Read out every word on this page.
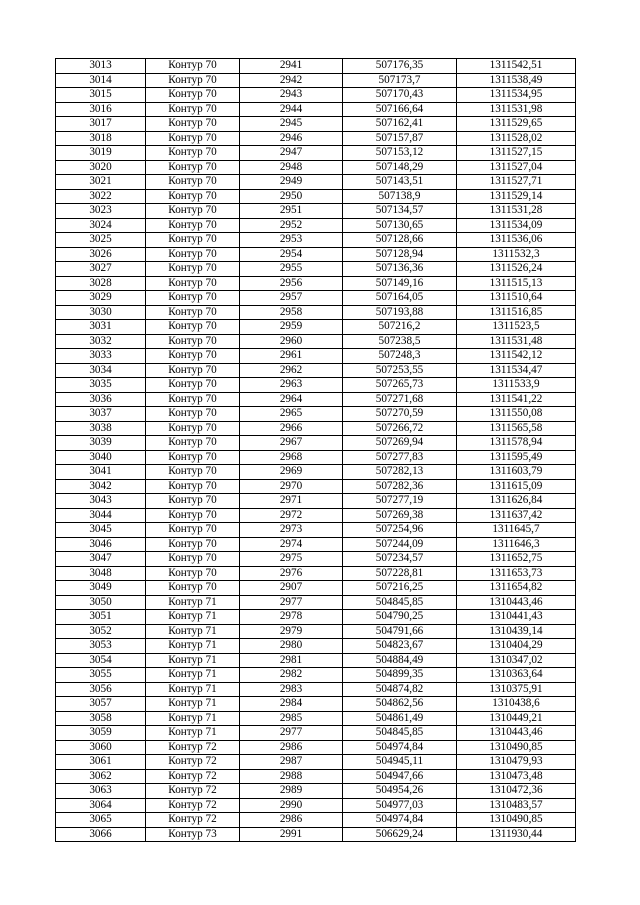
3013	Контур 70	2941	507176,35	1311542,51
3014	Контур 70	2942	507173,7	1311538,49
3015	Контур 70	2943	507170,43	1311534,95
3016	Контур 70	2944	507166,64	1311531,98
3017	Контур 70	2945	507162,41	1311529,65
3018	Контур 70	2946	507157,87	1311528,02
3019	Контур 70	2947	507153,12	1311527,15
3020	Контур 70	2948	507148,29	1311527,04
3021	Контур 70	2949	507143,51	1311527,71
3022	Контур 70	2950	507138,9	1311529,14
3023	Контур 70	2951	507134,57	1311531,28
3024	Контур 70	2952	507130,65	1311534,09
3025	Контур 70	2953	507128,66	1311536,06
3026	Контур 70	2954	507128,94	1311532,3
3027	Контур 70	2955	507136,36	1311526,24
3028	Контур 70	2956	507149,16	1311515,13
3029	Контур 70	2957	507164,05	1311510,64
3030	Контур 70	2958	507193,88	1311516,85
3031	Контур 70	2959	507216,2	1311523,5
3032	Контур 70	2960	507238,5	1311531,48
3033	Контур 70	2961	507248,3	1311542,12
3034	Контур 70	2962	507253,55	1311534,47
3035	Контур 70	2963	507265,73	1311533,9
3036	Контур 70	2964	507271,68	1311541,22
3037	Контур 70	2965	507270,59	1311550,08
3038	Контур 70	2966	507266,72	1311565,58
3039	Контур 70	2967	507269,94	1311578,94
3040	Контур 70	2968	507277,83	1311595,49
3041	Контур 70	2969	507282,13	1311603,79
3042	Контур 70	2970	507282,36	1311615,09
3043	Контур 70	2971	507277,19	1311626,84
3044	Контур 70	2972	507269,38	1311637,42
3045	Контур 70	2973	507254,96	1311645,7
3046	Контур 70	2974	507244,09	1311646,3
3047	Контур 70	2975	507234,57	1311652,75
3048	Контур 70	2976	507228,81	1311653,73
3049	Контур 70	2907	507216,25	1311654,82
3050	Контур 71	2977	504845,85	1310443,46
3051	Контур 71	2978	504790,25	1310441,43
3052	Контур 71	2979	504791,66	1310439,14
3053	Контур 71	2980	504823,67	1310404,29
3054	Контур 71	2981	504884,49	1310347,02
3055	Контур 71	2982	504899,35	1310363,64
3056	Контур 71	2983	504874,82	1310375,91
3057	Контур 71	2984	504862,56	1310438,6
3058	Контур 71	2985	504861,49	1310449,21
3059	Контур 71	2977	504845,85	1310443,46
3060	Контур 72	2986	504974,84	1310490,85
3061	Контур 72	2987	504945,11	1310479,93
3062	Контур 72	2988	504947,66	1310473,48
3063	Контур 72	2989	504954,26	1310472,36
3064	Контур 72	2990	504977,03	1310483,57
3065	Контур 72	2986	504974,84	1310490,85
3066	Контур 73	2991	506629,24	1311930,44
